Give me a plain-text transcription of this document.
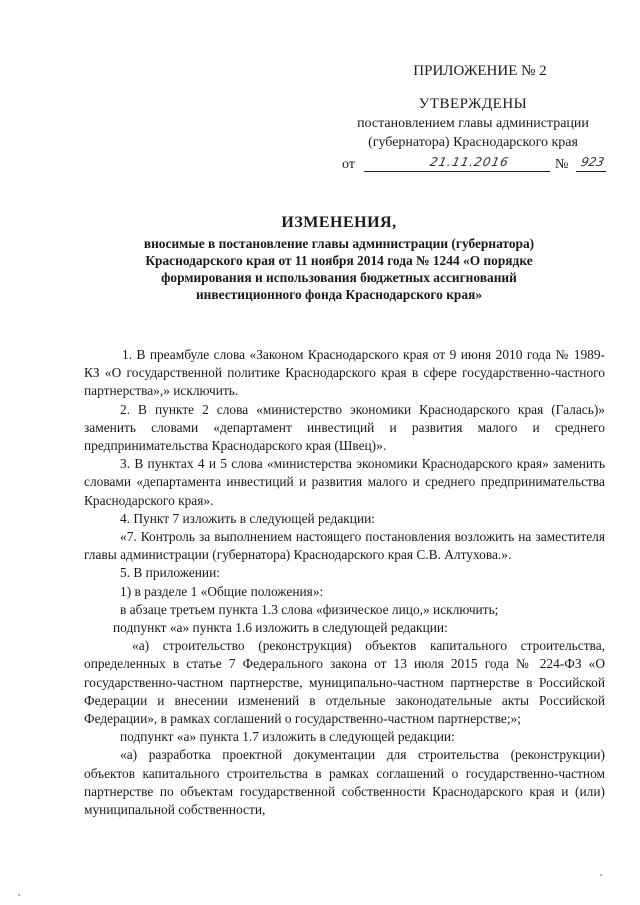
ПРИЛОЖЕНИЕ № 2
УТВЕРЖДЕНЫ
постановлением главы администрации
(губернатора) Краснодарского края
от	21.11.2016	№ 923
ИЗМЕНЕНИЯ,
вносимые в постановление главы администрации (губернатора)
Краснодарского края от 11 ноября 2014 года № 1244 «О порядке
формирования и использования бюджетных ассигнований
инвестиционного фонда Краснодарского края»

1. В преамбуле слова «Законом Краснодарского края от 9 июня 2010 года № 1989-КЗ «О государственной политике Краснодарского края в сфере государственно-частного партнерства»,» исключить.

2. В пункте 2 слова «министерство экономики Краснодарского края (Галась)» заменить словами «департамент инвестиций и развития малого и среднего предпринимательства Краснодарского края (Швец)».

3. В пунктах 4 и 5 слова «министерства экономики Краснодарского края» заменить словами «департамента инвестиций и развития малого и среднего предпринимательства Краснодарского края».

4. Пункт 7 изложить в следующей редакции:

«7. Контроль за выполнением настоящего постановления возложить на заместителя главы администрации (губернатора) Краснодарского края С.В. Алтухова.».

5. В приложении:

1) в разделе 1 «Общие положения»:

в абзаце третьем пункта 1.3 слова «физическое лицо,» исключить;

подпункт «а» пункта 1.6 изложить в следующей редакции:

«а) строительство (реконструкция) объектов капитального строительства, определенных в статье 7 Федерального закона от 13 июля 2015 года № 224-ФЗ «О государственно-частном партнерстве, муниципально-частном партнерстве в Российской Федерации и внесении изменений в отдельные законодательные акты Российской Федерации», в рамках соглашений о государственно-частном партнерстве;»;

подпункт «а» пункта 1.7 изложить в следующей редакции:

«а) разработка проектной документации для строительства (реконструкции) объектов капитального строительства в рамках соглашений о государственно-частном партнерстве по объектам государственной собственности Краснодарского края и (или) муниципальной собственности,
